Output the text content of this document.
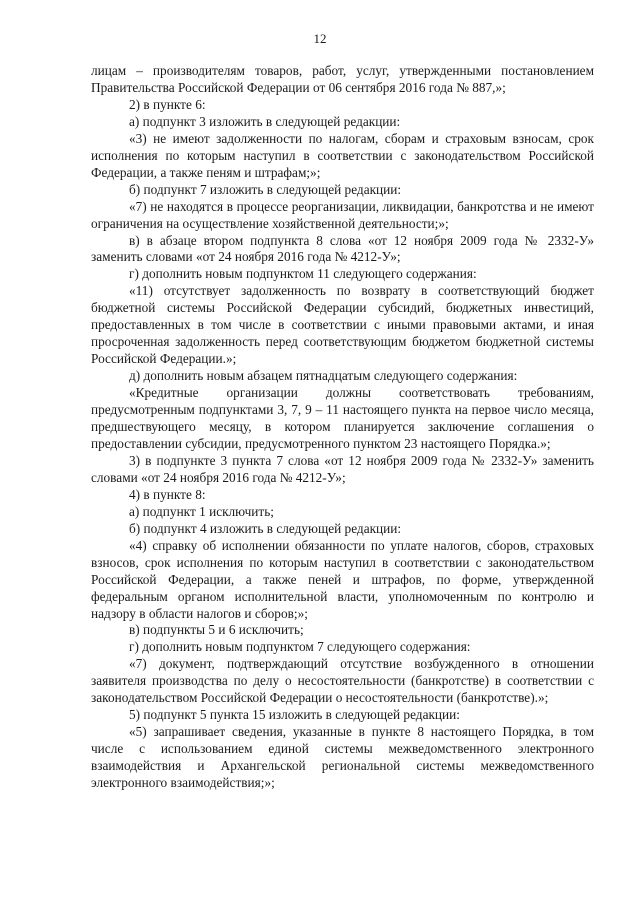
12

лицам – производителям товаров, работ, услуг, утвержденными постановлением Правительства Российской Федерации от 06 сентября 2016 года № 887,»;

2) в пункте 6:

а) подпункт 3 изложить в следующей редакции:

«3) не имеют задолженности по налогам, сборам и страховым взносам, срок исполнения по которым наступил в соответствии с законодательством Российской Федерации, а также пеням и штрафам;»;

б) подпункт 7 изложить в следующей редакции:

«7) не находятся в процессе реорганизации, ликвидации, банкротства и не имеют ограничения на осуществление хозяйственной деятельности;»;

в) в абзаце втором подпункта 8 слова «от 12 ноября 2009 года № 2332-У» заменить словами «от 24 ноября 2016 года № 4212-У»;

г) дополнить новым подпунктом 11 следующего содержания:

«11) отсутствует задолженность по возврату в соответствующий бюджет бюджетной системы Российской Федерации субсидий, бюджетных инвестиций, предоставленных в том числе в соответствии с иными правовыми актами, и иная просроченная задолженность перед соответствующим бюджетом бюджетной системы Российской Федерации.»;

д) дополнить новым абзацем пятнадцатым следующего содержания:

«Кредитные организации должны соответствовать требованиям, предусмотренным подпунктами 3, 7, 9 – 11 настоящего пункта на первое число месяца, предшествующего месяцу, в котором планируется заключение соглашения о предоставлении субсидии, предусмотренного пунктом 23 настоящего Порядка.»;

3) в подпункте 3 пункта 7 слова «от 12 ноября 2009 года № 2332-У» заменить словами «от 24 ноября 2016 года № 4212-У»;

4) в пункте 8:

а) подпункт 1 исключить;

б) подпункт 4 изложить в следующей редакции:

«4) справку об исполнении обязанности по уплате налогов, сборов, страховых взносов, срок исполнения по которым наступил в соответствии с законодательством Российской Федерации, а также пеней и штрафов, по форме, утвержденной федеральным органом исполнительной власти, уполномоченным по контролю и надзору в области налогов и сборов;»;

в) подпункты 5 и 6 исключить;

г) дополнить новым подпунктом 7 следующего содержания:

«7) документ, подтверждающий отсутствие возбужденного в отношении заявителя производства по делу о несостоятельности (банкротстве) в соответствии с законодательством Российской Федерации о несостоятельности (банкротстве).»;

5) подпункт 5 пункта 15 изложить в следующей редакции:

«5) запрашивает сведения, указанные в пункте 8 настоящего Порядка, в том числе с использованием единой системы межведомственного электронного взаимодействия и Архангельской региональной системы межведомственного электронного взаимодействия;»;
